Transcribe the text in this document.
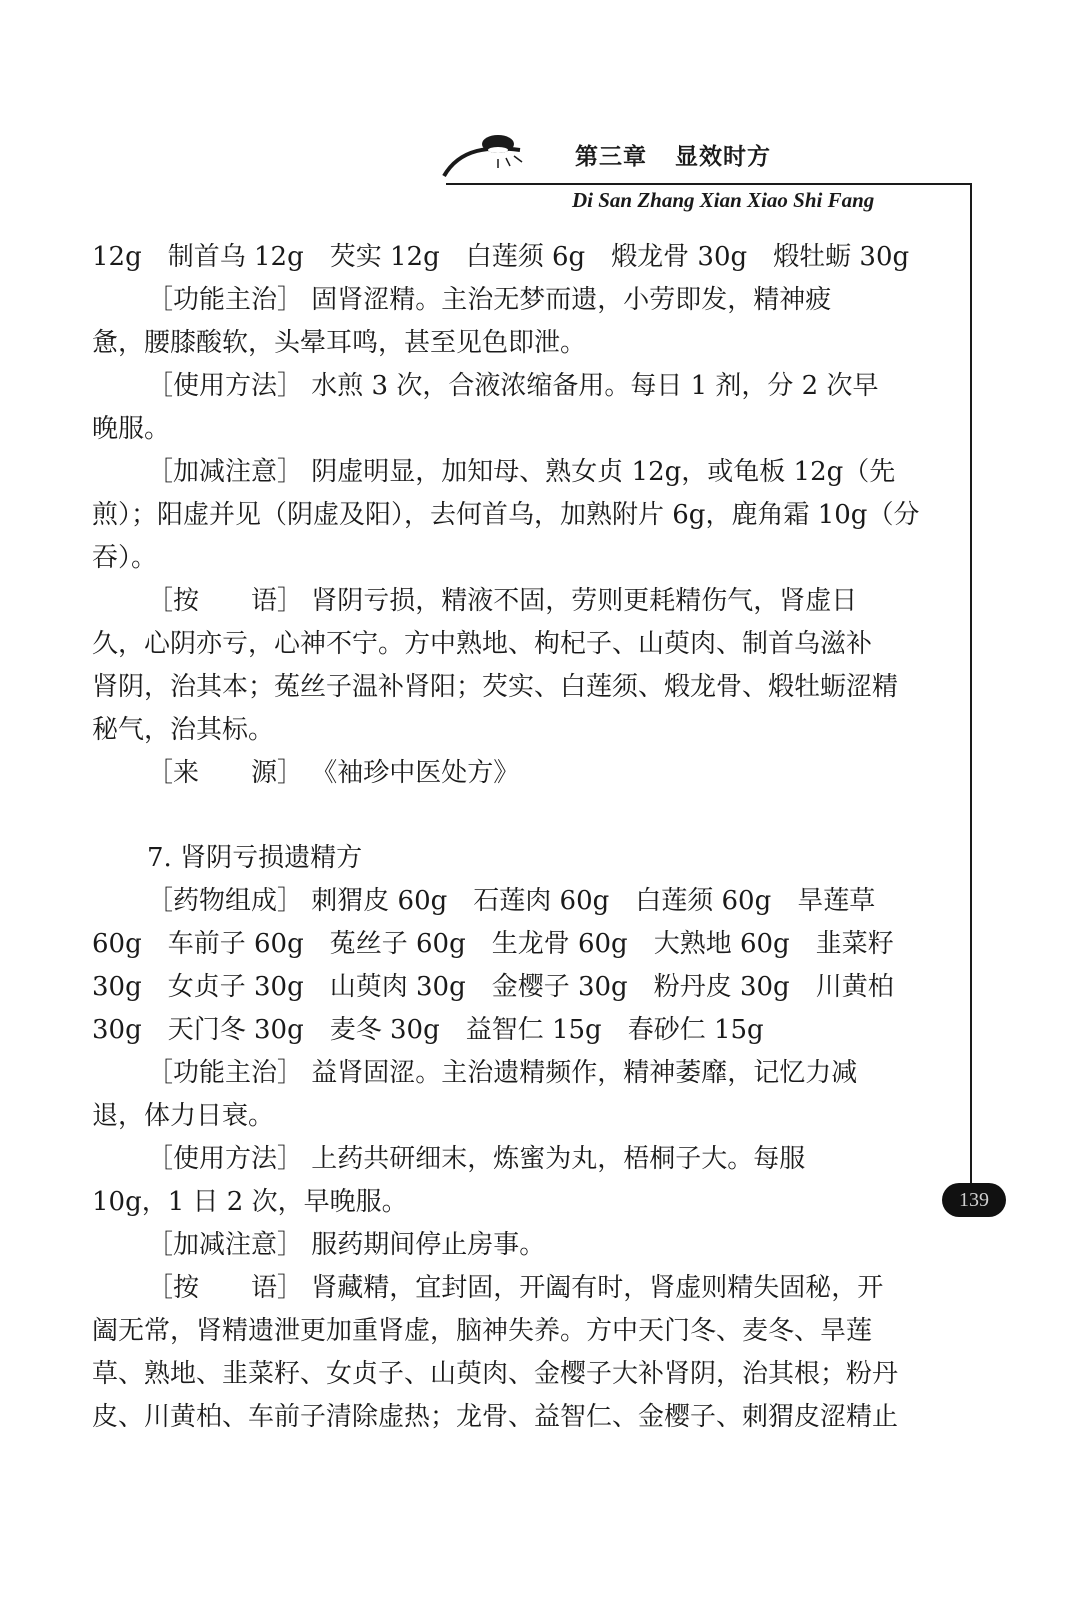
第三章 显效时方
Di San Zhang Xian Xiao Shi Fang
139
12g　制首乌 12g　芡实 12g　白莲须 6g　煅龙骨 30g　煅牡蛎 30g
［功能主治］ 固肾涩精。主治无梦而遗，小劳即发，精神疲
惫，腰膝酸软，头晕耳鸣，甚至见色即泄。
［使用方法］ 水煎 3 次，合液浓缩备用。每日 1 剂，分 2 次早
晚服。
［加减注意］ 阴虚明显，加知母、熟女贞 12g，或龟板 12g（先
煎）；阳虚并见（阴虚及阳），去何首乌，加熟附片 6g，鹿角霜 10g（分
吞）。
［按　　语］ 肾阴亏损，精液不固，劳则更耗精伤气，肾虚日
久，心阴亦亏，心神不宁。方中熟地、枸杞子、山萸肉、制首乌滋补
肾阴，治其本；菟丝子温补肾阳；芡实、白莲须、煅龙骨、煅牡蛎涩精
秘气，治其标。
［来　　源］ 《袖珍中医处方》
7. 肾阴亏损遗精方
［药物组成］ 刺猬皮 60g　石莲肉 60g　白莲须 60g　旱莲草
60g　车前子 60g　菟丝子 60g　生龙骨 60g　大熟地 60g　韭菜籽
30g　女贞子 30g　山萸肉 30g　金樱子 30g　粉丹皮 30g　川黄柏
30g　天门冬 30g　麦冬 30g　益智仁 15g　春砂仁 15g
［功能主治］ 益肾固涩。主治遗精频作，精神萎靡，记忆力减
退，体力日衰。
［使用方法］ 上药共研细末，炼蜜为丸，梧桐子大。每服
10g，1 日 2 次，早晚服。
［加减注意］ 服药期间停止房事。
［按　　语］ 肾藏精，宜封固，开阖有时，肾虚则精失固秘，开
阖无常，肾精遗泄更加重肾虚，脑神失养。方中天门冬、麦冬、旱莲
草、熟地、韭菜籽、女贞子、山萸肉、金樱子大补肾阴，治其根；粉丹
皮、川黄柏、车前子清除虚热；龙骨、益智仁、金樱子、刺猬皮涩精止
